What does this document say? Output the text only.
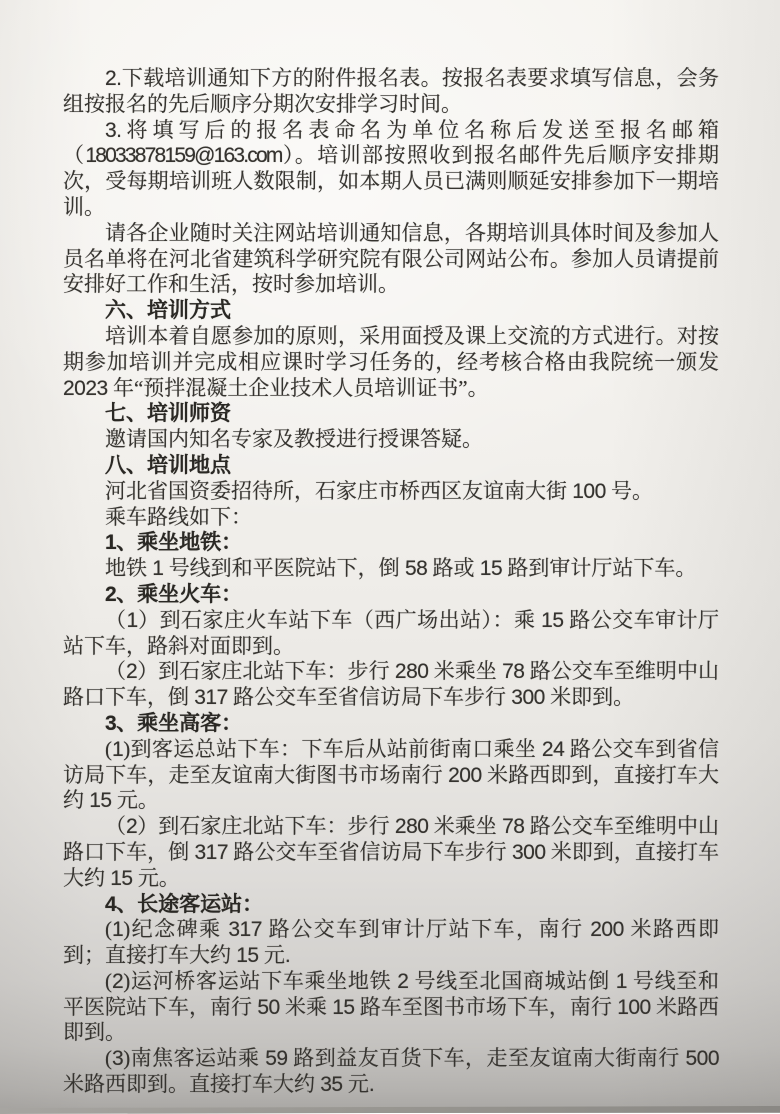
2.下载培训通知下方的附件报名表。按报名表要求填写信息，会务组按报名的先后顺序分期次安排学习时间。

3.将填写后的报名表命名为单位名称后发送至报名邮箱（18033878159@163.com）。培训部按照收到报名邮件先后顺序安排期次，受每期培训班人数限制，如本期人员已满则顺延安排参加下一期培训。

请各企业随时关注网站培训通知信息，各期培训具体时间及参加人员名单将在河北省建筑科学研究院有限公司网站公布。参加人员请提前安排好工作和生活，按时参加培训。

六、培训方式

培训本着自愿参加的原则，采用面授及课上交流的方式进行。对按期参加培训并完成相应课时学习任务的，经考核合格由我院统一颁发 2023 年“预拌混凝土企业技术人员培训证书”。

七、培训师资

邀请国内知名专家及教授进行授课答疑。

八、培训地点

河北省国资委招待所，石家庄市桥西区友谊南大街 100 号。

乘车路线如下：

1、乘坐地铁：

地铁 1 号线到和平医院站下，倒 58 路或 15 路到审计厅站下车。

2、乘坐火车：

（1）到石家庄火车站下车（西广场出站）：乘 15 路公交车审计厅站下车，路斜对面即到。

（2）到石家庄北站下车：步行 280 米乘坐 78 路公交车至维明中山路口下车，倒 317 路公交车至省信访局下车步行 300 米即到。

3、乘坐高客：

(1)到客运总站下车：下车后从站前街南口乘坐 24 路公交车到省信访局下车，走至友谊南大街图书市场南行 200 米路西即到，直接打车大约 15 元。

（2）到石家庄北站下车：步行 280 米乘坐 78 路公交车至维明中山路口下车，倒 317 路公交车至省信访局下车步行 300 米即到，直接打车大约 15 元。

4、长途客运站：

(1)纪念碑乘 317 路公交车到审计厅站下车，南行 200 米路西即到；直接打车大约 15 元.

(2)运河桥客运站下车乘坐地铁 2 号线至北国商城站倒 1 号线至和平医院站下车，南行 50 米乘 15 路车至图书市场下车，南行 100 米路西即到。

(3)南焦客运站乘 59 路到益友百货下车，走至友谊南大街南行 500 米路西即到。直接打车大约 35 元.
